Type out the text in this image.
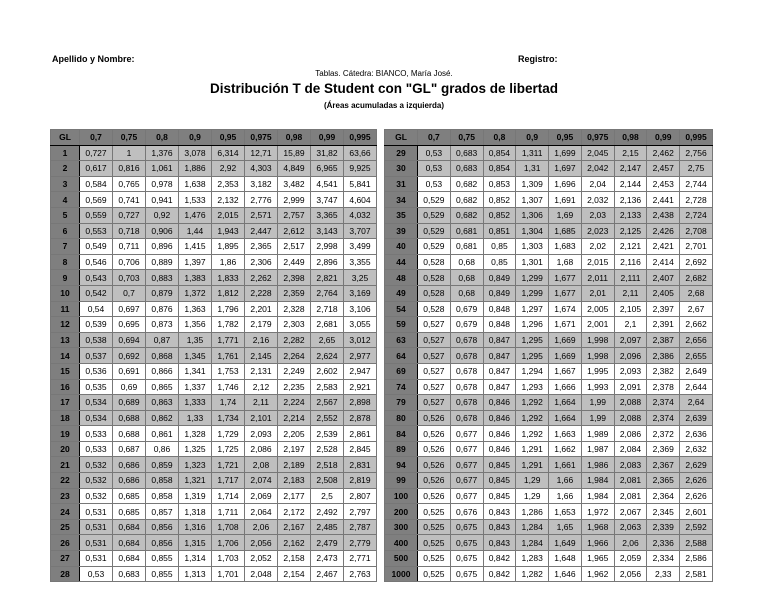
Apellido y Nombre:	Registro:
Tablas. Cátedra: BIANCO, María José.
Distribución T de Student con "GL" grados de libertad
(Áreas acumuladas a izquierda)
GL	0,7	0,75	0,8	0,9	0,95	0,975	0,98	0,99	0,995
1	0,727	1	1,376	3,078	6,314	12,71	15,89	31,82	63,66
2	0,617	0,816	1,061	1,886	2,92	4,303	4,849	6,965	9,925
3	0,584	0,765	0,978	1,638	2,353	3,182	3,482	4,541	5,841
4	0,569	0,741	0,941	1,533	2,132	2,776	2,999	3,747	4,604
5	0,559	0,727	0,92	1,476	2,015	2,571	2,757	3,365	4,032
6	0,553	0,718	0,906	1,44	1,943	2,447	2,612	3,143	3,707
7	0,549	0,711	0,896	1,415	1,895	2,365	2,517	2,998	3,499
8	0,546	0,706	0,889	1,397	1,86	2,306	2,449	2,896	3,355
9	0,543	0,703	0,883	1,383	1,833	2,262	2,398	2,821	3,25
10	0,542	0,7	0,879	1,372	1,812	2,228	2,359	2,764	3,169
11	0,54	0,697	0,876	1,363	1,796	2,201	2,328	2,718	3,106
12	0,539	0,695	0,873	1,356	1,782	2,179	2,303	2,681	3,055
13	0,538	0,694	0,87	1,35	1,771	2,16	2,282	2,65	3,012
14	0,537	0,692	0,868	1,345	1,761	2,145	2,264	2,624	2,977
15	0,536	0,691	0,866	1,341	1,753	2,131	2,249	2,602	2,947
16	0,535	0,69	0,865	1,337	1,746	2,12	2,235	2,583	2,921
17	0,534	0,689	0,863	1,333	1,74	2,11	2,224	2,567	2,898
18	0,534	0,688	0,862	1,33	1,734	2,101	2,214	2,552	2,878
19	0,533	0,688	0,861	1,328	1,729	2,093	2,205	2,539	2,861
20	0,533	0,687	0,86	1,325	1,725	2,086	2,197	2,528	2,845
21	0,532	0,686	0,859	1,323	1,721	2,08	2,189	2,518	2,831
22	0,532	0,686	0,858	1,321	1,717	2,074	2,183	2,508	2,819
23	0,532	0,685	0,858	1,319	1,714	2,069	2,177	2,5	2,807
24	0,531	0,685	0,857	1,318	1,711	2,064	2,172	2,492	2,797
25	0,531	0,684	0,856	1,316	1,708	2,06	2,167	2,485	2,787
26	0,531	0,684	0,856	1,315	1,706	2,056	2,162	2,479	2,779
27	0,531	0,684	0,855	1,314	1,703	2,052	2,158	2,473	2,771
28	0,53	0,683	0,855	1,313	1,701	2,048	2,154	2,467	2,763
GL	0,7	0,75	0,8	0,9	0,95	0,975	0,98	0,99	0,995
29	0,53	0,683	0,854	1,311	1,699	2,045	2,15	2,462	2,756
30	0,53	0,683	0,854	1,31	1,697	2,042	2,147	2,457	2,75
31	0,53	0,682	0,853	1,309	1,696	2,04	2,144	2,453	2,744
34	0,529	0,682	0,852	1,307	1,691	2,032	2,136	2,441	2,728
35	0,529	0,682	0,852	1,306	1,69	2,03	2,133	2,438	2,724
39	0,529	0,681	0,851	1,304	1,685	2,023	2,125	2,426	2,708
40	0,529	0,681	0,85	1,303	1,683	2,02	2,121	2,421	2,701
44	0,528	0,68	0,85	1,301	1,68	2,015	2,116	2,414	2,692
48	0,528	0,68	0,849	1,299	1,677	2,011	2,111	2,407	2,682
49	0,528	0,68	0,849	1,299	1,677	2,01	2,11	2,405	2,68
54	0,528	0,679	0,848	1,297	1,674	2,005	2,105	2,397	2,67
59	0,527	0,679	0,848	1,296	1,671	2,001	2,1	2,391	2,662
63	0,527	0,678	0,847	1,295	1,669	1,998	2,097	2,387	2,656
64	0,527	0,678	0,847	1,295	1,669	1,998	2,096	2,386	2,655
69	0,527	0,678	0,847	1,294	1,667	1,995	2,093	2,382	2,649
74	0,527	0,678	0,847	1,293	1,666	1,993	2,091	2,378	2,644
79	0,527	0,678	0,846	1,292	1,664	1,99	2,088	2,374	2,64
80	0,526	0,678	0,846	1,292	1,664	1,99	2,088	2,374	2,639
84	0,526	0,677	0,846	1,292	1,663	1,989	2,086	2,372	2,636
89	0,526	0,677	0,846	1,291	1,662	1,987	2,084	2,369	2,632
94	0,526	0,677	0,845	1,291	1,661	1,986	2,083	2,367	2,629
99	0,526	0,677	0,845	1,29	1,66	1,984	2,081	2,365	2,626
100	0,526	0,677	0,845	1,29	1,66	1,984	2,081	2,364	2,626
200	0,525	0,676	0,843	1,286	1,653	1,972	2,067	2,345	2,601
300	0,525	0,675	0,843	1,284	1,65	1,968	2,063	2,339	2,592
400	0,525	0,675	0,843	1,284	1,649	1,966	2,06	2,336	2,588
500	0,525	0,675	0,842	1,283	1,648	1,965	2,059	2,334	2,586
1000	0,525	0,675	0,842	1,282	1,646	1,962	2,056	2,33	2,581
